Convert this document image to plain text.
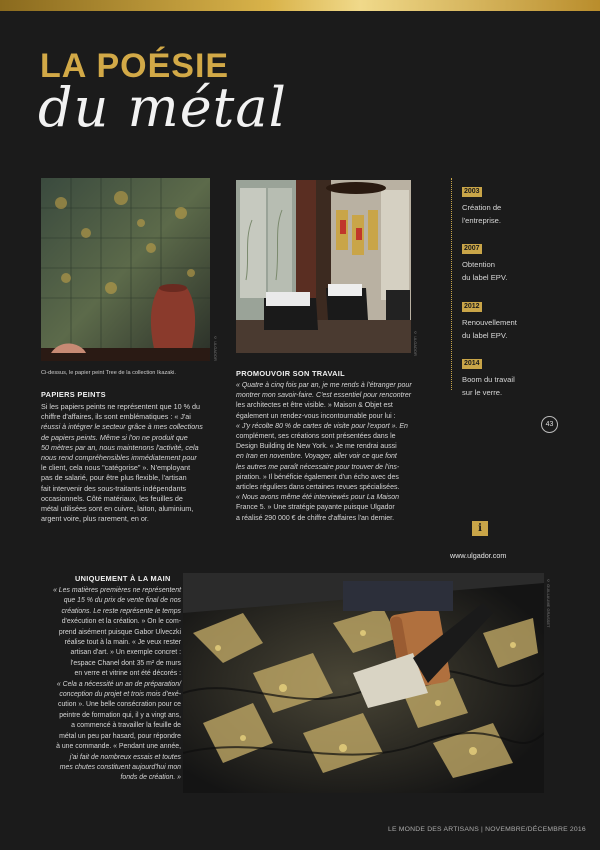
LA POÉSIE
du métal
© ULGADOR	© ULGADOR
Ci-dessus, le papier peint Tree de la collection Ikazaki.
PAPIERS PEINTS
Si les papiers peints ne représentent que 10 % du
chiffre d'affaires, ils sont emblématiques : « J'ai
réussi à intégrer le secteur grâce à mes collections
de papiers peints. Même si l'on ne produit que
50 mètres par an, nous maintenons l'activité, cela
nous rend compréhensibles immédiatement pour
le client, cela nous "catégorise" ». N'employant
pas de salarié, pour être plus flexible, l'artisan
fait intervenir des sous-traitants indépendants
occasionnels. Côté matériaux, les feuilles de
métal utilisées sont en cuivre, laiton, aluminium,
argent voire, plus rarement, en or.
PROMOUVOIR SON TRAVAIL
« Quatre à cinq fois par an, je me rends à l'étranger pour
montrer mon savoir-faire. C'est essentiel pour rencontrer
les architectes et être visible. » Maison & Objet est
également un rendez-vous incontournable pour lui :
« J'y récolte 80 % de cartes de visite pour l'export ». En
complément, ses créations sont présentées dans le
Design Building de New York. « Je me rendrai aussi
en Iran en novembre. Voyager, aller voir ce que font
les autres me paraît nécessaire pour trouver de l'ins-
piration. » Il bénéficie également d'un écho avec des
articles réguliers dans certaines revues spécialisées.
« Nous avons même été interviewés pour La Maison
France 5. » Une stratégie payante puisque Ulgador
a réalisé 290 000 € de chiffre d'affaires l'an dernier.
2003
Création de
l'entreprise.
2007
Obtention
du label EPV.
2012
Renouvellement
du label EPV.
2014
Boom du travail
sur le verre.
43
i
www.ulgador.com
UNIQUEMENT À LA MAIN
« Les matières premières ne représentent
que 15 % du prix de vente final de nos
créations. Le reste représente le temps
d'exécution et la création. » On le com-
prend aisément puisque Gabor Ulveczki
réalise tout à la main. « Je veux rester
artisan d'art. » Un exemple concret :
l'espace Chanel dont 35 m² de murs
en verre et vitrine ont été décorés :
« Cela a nécessité un an de préparation/
conception du projet et trois mois d'exé-
cution ». Une belle consécration pour ce
peintre de formation qui, il y a vingt ans,
a commencé à travailler la feuille de
métal un peu par hasard, pour répondre
à une commande. « Pendant une année,
j'ai fait de nombreux essais et toutes
mes chutes constituent aujourd'hui mon
fonds de création. »
© GUILLAUME GRASSET
LE MONDE DES ARTISANS | NOVEMBRE/DÉCEMBRE 2016
